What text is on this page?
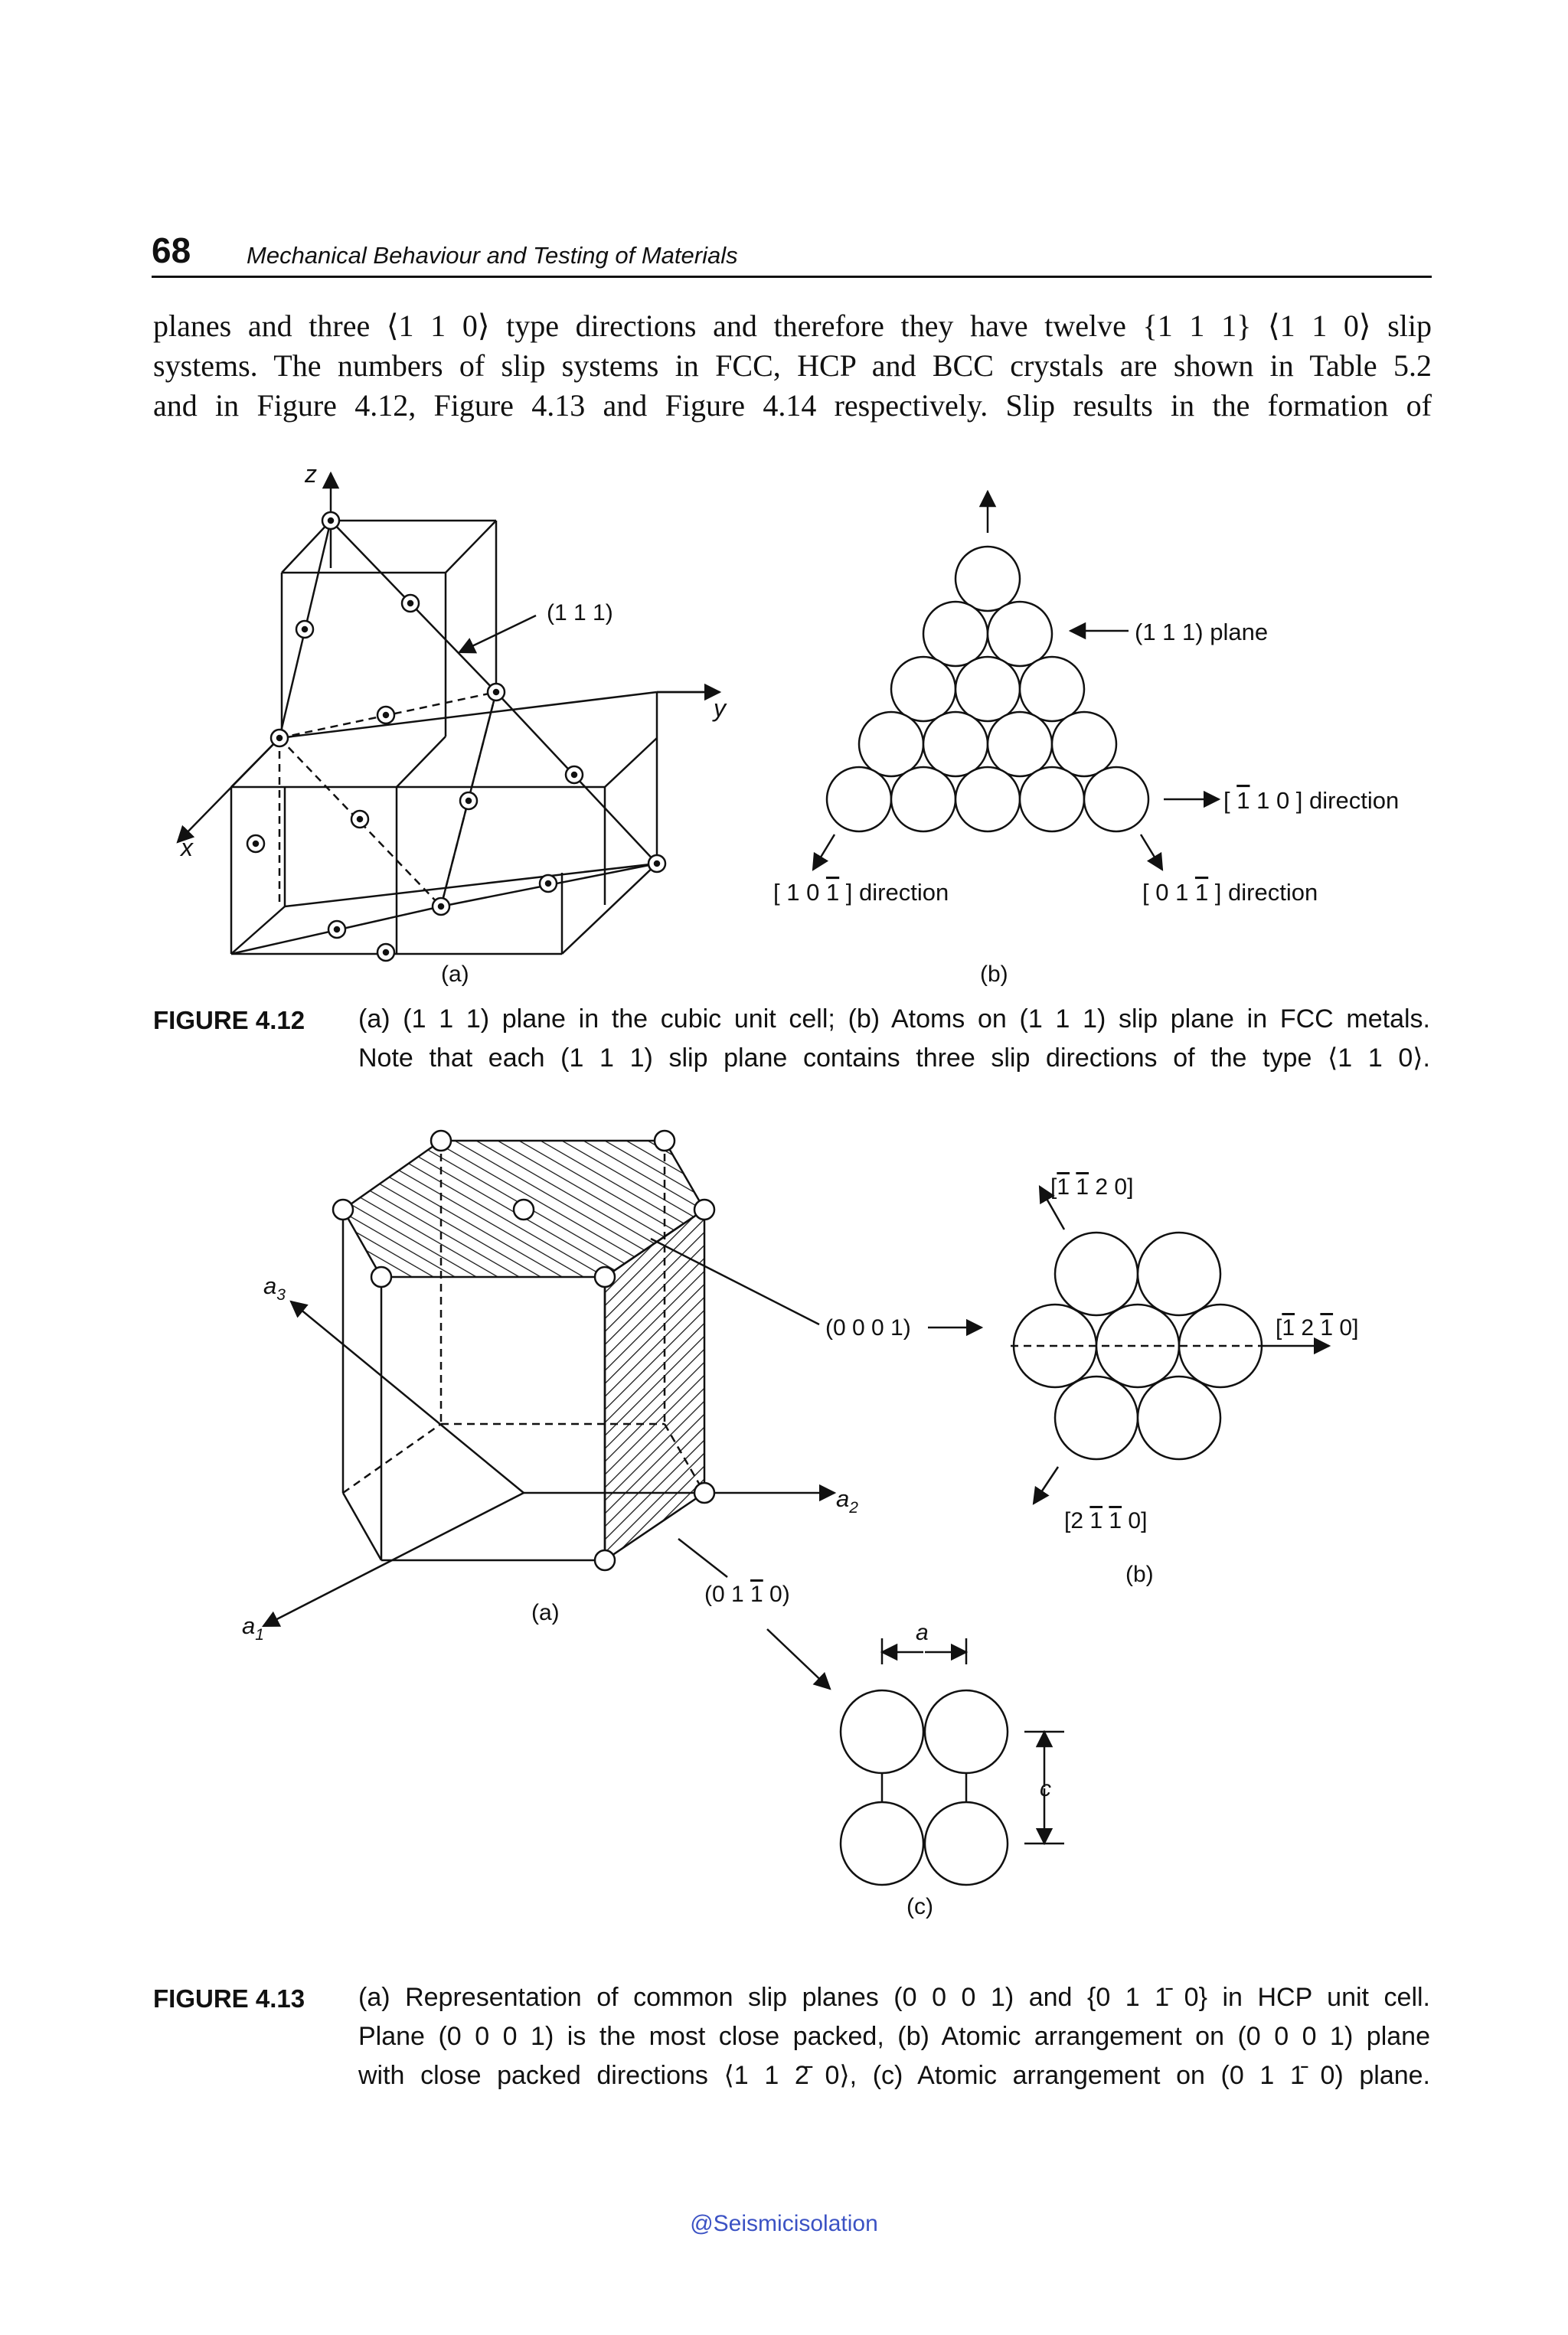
68 Mechanical Behaviour and Testing of Materials
planes and three ⟨1 1 0⟩ type directions and therefore they have twelve {1 1 1} ⟨1 1 0⟩ slip
systems. The numbers of slip systems in FCC, HCP and BCC crystals are shown in Table 5.2
and in Figure 4.12, Figure 4.13 and Figure 4.14 respectively. Slip results in the formation of
z
y
x
(1 1 1)
(a)
(1 1 1) plane
[ 1 1 0 ] direction
[ 1 0 1 ] direction	[ 0 1 1 ] direction
(b)
FIGURE 4.12 (a) (1 1 1) plane in the cubic unit cell; (b) Atoms on (1 1 1) slip plane in FCC metals.
Note that each (1 1 1) slip plane contains three slip directions of the type ⟨1 1 0⟩.
$a_3$
$a_2$
$a_1$
(0 0 0 1)
(0 1 1 0)
(a)
[1 1 2 0]
[1 2 1 0]
[2 1 1 0]
(b)
a
c
(c)
FIGURE 4.13 (a) Representation of common slip planes (0 0 0 1) and {0 1 1̄ 0} in HCP unit cell.
Plane (0 0 0 1) is the most close packed, (b) Atomic arrangement on (0 0 0 1) plane
with close packed directions ⟨1 1 2̄ 0⟩, (c) Atomic arrangement on (0 1 1̄ 0) plane.
@Seismicisolation
